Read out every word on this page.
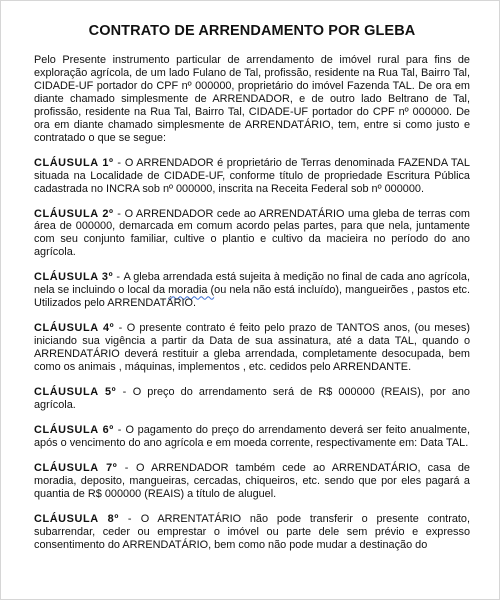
CONTRATO DE ARRENDAMENTO POR GLEBA

Pelo Presente instrumento particular de arrendamento de imóvel rural para fins de exploração agrícola, de um lado Fulano de Tal, profissão, residente na Rua Tal, Bairro Tal, CIDADE-UF portador do CPF nº 000000, proprietário do imóvel Fazenda TAL. De ora em diante chamado simplesmente de ARRENDADOR, e de outro lado Beltrano de Tal, profissão, residente na Rua Tal, Bairro Tal, CIDADE-UF portador do CPF nº 000000. De ora em diante chamado simplesmente de ARRENDATÁRIO, tem, entre si como justo e contratado o que se segue:

CLÁUSULA 1º - O ARRENDADOR é proprietário de Terras denominada FAZENDA TAL situada na Localidade de CIDADE-UF, conforme título de propriedade Escritura Pública cadastrada no INCRA sob nº 000000, inscrita na Receita Federal sob nº 000000.

CLÁUSULA 2º - O ARRENDADOR cede ao ARRENDATÁRIO uma gleba de terras com área de 000000, demarcada em comum acordo pelas partes, para que nela, juntamente com seu conjunto familiar, cultive o plantio e cultivo da macieira no período do ano agrícola.

CLÁUSULA 3º - A gleba arrendada está sujeita à medição no final de cada ano agrícola, nela se incluindo o local da moradia (ou nela não está incluído), mangueirões , pastos etc. Utilizados pelo ARRENDATÁRIO.

CLÁUSULA 4º - O presente contrato é feito pelo prazo de TANTOS anos, (ou meses) iniciando sua vigência a partir da Data de sua assinatura, até a data TAL, quando o ARRENDATÁRIO deverá restituir a gleba arrendada, completamente desocupada, bem como os animais , máquinas, implementos , etc. cedidos pelo ARRENDANTE.

CLÁUSULA 5º - O preço do arrendamento será de R$ 000000 (REAIS), por ano agrícola.

CLÁUSULA 6º - O pagamento do preço do arrendamento deverá ser feito anualmente, após o vencimento do ano agrícola e em moeda corrente, respectivamente em: Data TAL.

CLÁUSULA 7º - O ARRENDADOR também cede ao ARRENDATÁRIO, casa de moradia, deposito, mangueiras, cercadas, chiqueiros, etc. sendo que por eles pagará a quantia de R$ 000000 (REAIS) a título de aluguel.

CLÁUSULA 8º - O ARRENTATÁRIO não pode transferir o presente contrato, subarrendar, ceder ou emprestar o imóvel ou parte dele sem prévio e expresso consentimento do ARRENDATÁRIO, bem como não pode mudar a destinação do
